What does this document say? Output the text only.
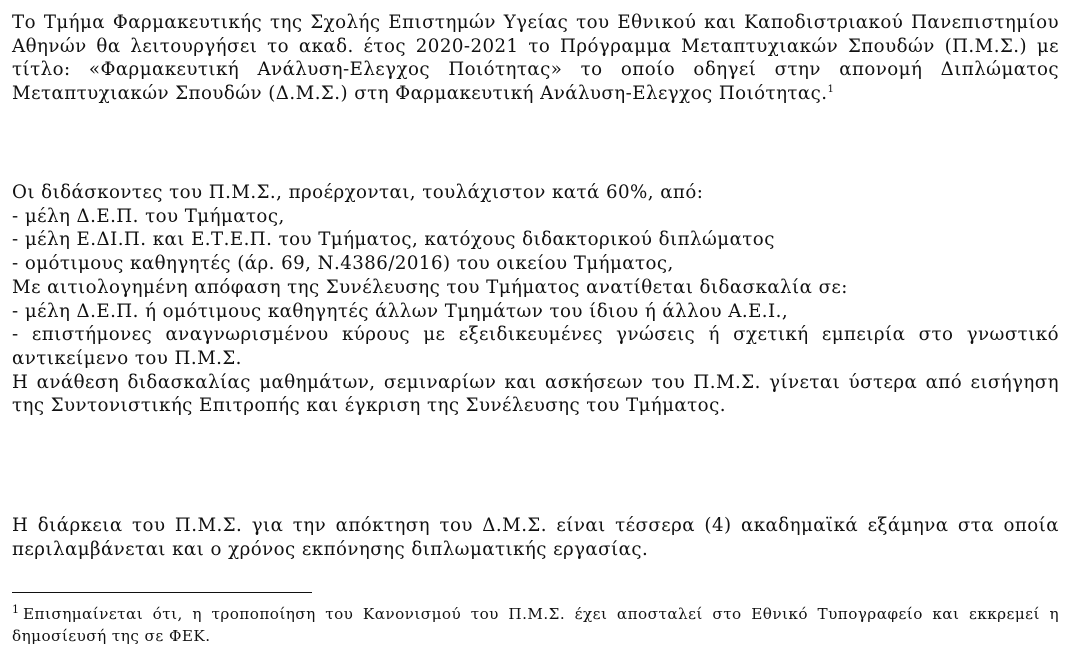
Το Τμήμα Φαρμακευτικής της Σχολής Επιστημών Υγείας του Εθνικού και Καποδιστριακού Πανεπιστημίου Αθηνών θα λειτουργήσει το ακαδ. έτος 2020-2021 το Πρόγραμμα Μεταπτυχιακών Σπουδών (Π.Μ.Σ.) με τίτλο: «Φαρμακευτική Ανάλυση-Ελεγχος Ποιότητας» το οποίο οδηγεί στην απονομή Διπλώματος Μεταπτυχιακών Σπουδών (Δ.Μ.Σ.) στη Φαρμακευτική Ανάλυση-Ελεγχος Ποιότητας.$^1$

Οι διδάσκοντες του Π.Μ.Σ., προέρχονται, τουλάχιστον κατά 60%, από:
- μέλη Δ.Ε.Π. του Τμήματος,
- μέλη Ε.ΔΙ.Π. και Ε.Τ.Ε.Π. του Τμήματος, κατόχους διδακτορικού διπλώματος
- ομότιμους καθηγητές (άρ. 69, Ν.4386/2016) του οικείου Τμήματος,
Με αιτιολογημένη απόφαση της Συνέλευσης του Τμήματος ανατίθεται διδασκαλία σε:
- μέλη Δ.Ε.Π. ή ομότιμους καθηγητές άλλων Τμημάτων του ίδιου ή άλλου Α.Ε.Ι.,
- επιστήμονες αναγνωρισμένου κύρους με εξειδικευμένες γνώσεις ή σχετική εμπειρία στο γνωστικό αντικείμενο του Π.Μ.Σ.
Η ανάθεση διδασκαλίας μαθημάτων, σεμιναρίων και ασκήσεων του Π.Μ.Σ. γίνεται ύστερα από εισήγηση της Συντονιστικής Επιτροπής και έγκριση της Συνέλευσης του Τμήματος.

Η διάρκεια του Π.Μ.Σ. για την απόκτηση του Δ.Μ.Σ. είναι τέσσερα (4) ακαδημαϊκά εξάμηνα στα οποία περιλαμβάνεται και ο χρόνος εκπόνησης διπλωματικής εργασίας.

$^1$ Επισημαίνεται ότι, η τροποποίηση του Κανονισμού του Π.Μ.Σ. έχει αποσταλεί στο Εθνικό Τυπογραφείο και εκκρεμεί η δημοσίευσή της σε ΦΕΚ.
